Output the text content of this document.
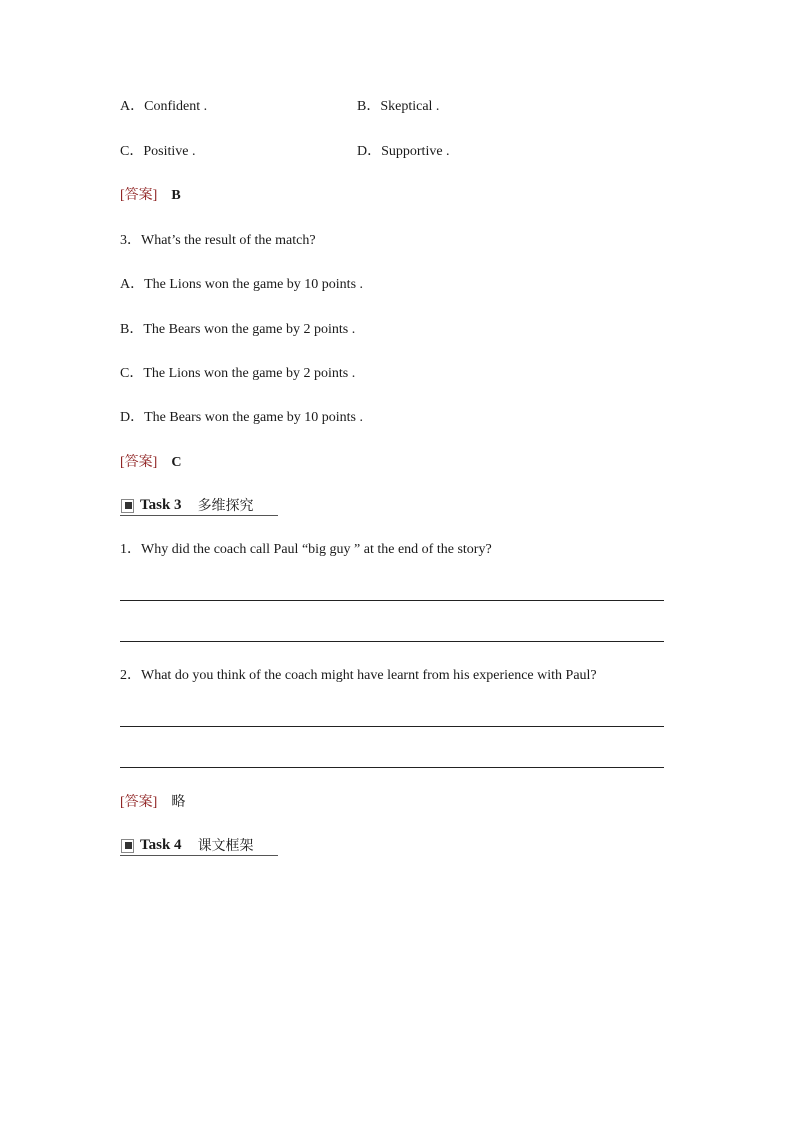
A．Confident .	B．Skeptical .
C．Positive .	D．Supportive .
[答案] B
3．What’s the result of the match?
A．The Lions won the game by 10 points .
B．The Bears won the game by 2 points .
C．The Lions won the game by 2 points .
D．The Bears won the game by 10 points .
[答案] C
Task 3 多维探究
1．Why did the coach call Paul “big guy ” at the end of the story?
2．What do you think of the coach might have learnt from his experience with Paul?
[答案] 略
Task 4 课文框架
